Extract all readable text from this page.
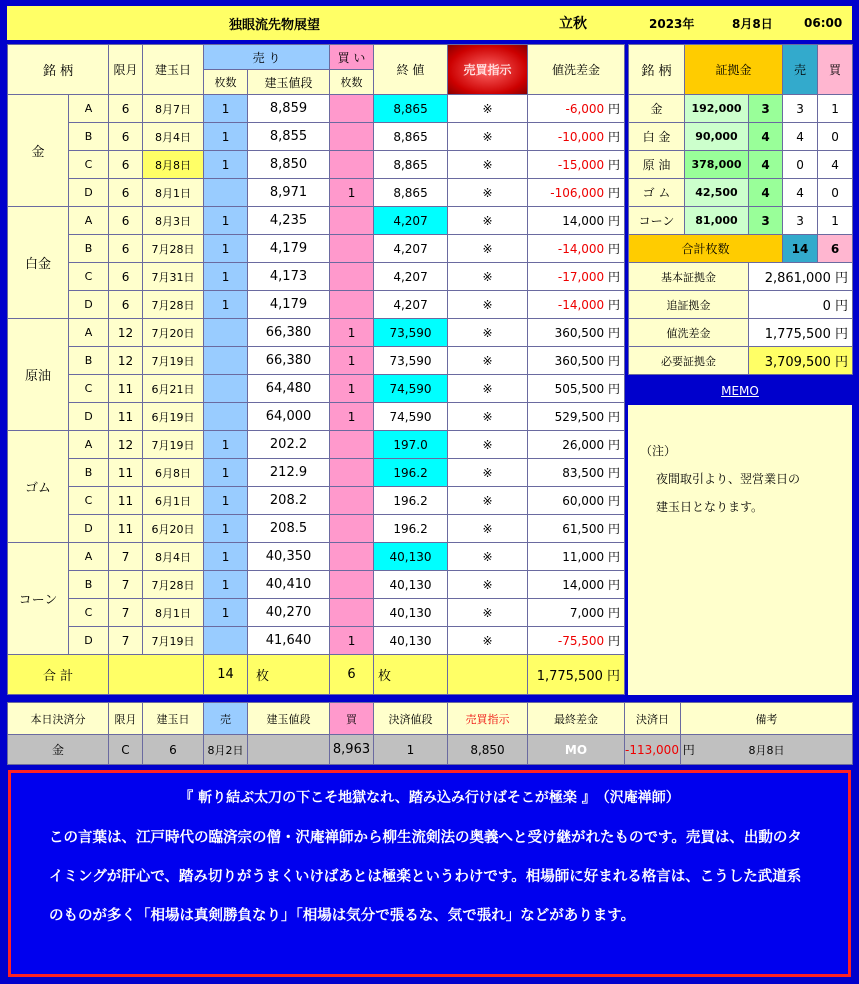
独眼流先物展望	立秋	2023年	8月8日	06:00
銘 柄		限月	建玉日	売 り		買 い	終 値	売買指示	値洗差金
				枚数	建玉値段	枚数			
金	A	6	8月7日	1	8,859		8,865	※	-6,000 円
	B	6	8月4日	1	8,855		8,865	※	-10,000 円
	C	6	8月8日	1	8,850		8,865	※	-15,000 円
	D	6	8月1日		8,971	1	8,865	※	-106,000 円
白金	A	6	8月3日	1	4,235		4,207	※	14,000 円
	B	6	7月28日	1	4,179		4,207	※	-14,000 円
	C	6	7月31日	1	4,173		4,207	※	-17,000 円
	D	6	7月28日	1	4,179		4,207	※	-14,000 円
原油	A	12	7月20日		66,380	1	73,590	※	360,500 円
	B	12	7月19日		66,380	1	73,590	※	360,500 円
	C	11	6月21日		64,480	1	74,590	※	505,500 円
	D	11	6月19日		64,000	1	74,590	※	529,500 円
ゴム	A	12	7月19日	1	202.2		197.0	※	26,000 円
	B	11	6月8日	1	212.9		196.2	※	83,500 円
	C	11	6月1日	1	208.2		196.2	※	60,000 円
	D	11	6月20日	1	208.5		196.2	※	61,500 円
コーン	A	7	8月4日	1	40,350		40,130	※	11,000 円
	B	7	7月28日	1	40,410		40,130	※	14,000 円
	C	7	8月1日	1	40,270		40,130	※	7,000 円
	D	7	7月19日		41,640	1	40,130	※	-75,500 円
合 計				14	枚	6	枚		1,775,500 円
銘 柄	証拠金		売	買
金	192,000	3	3	1
白 金	90,000	4	4	0
原 油	378,000	4	0	4
ゴ ム	42,500	4	4	0
コーン	81,000	3	3	1
合計枚数			14	6
基本証拠金		2,861,000 円		
追証拠金		0 円		
値洗差金		1,775,500 円		
必要証拠金		3,709,500 円		
MEMO
（注）
夜間取引より、翌営業日の
建玉日となります。
本日決済分	限月	建玉日	売	建玉値段	買	決済値段	売買指示	最終差金	決済日	備考	
金	C	6	8月2日		8,963	1	8,850	MO	-113,000 円	8月8日	
『 斬り結ぶ太刀の下こそ地獄なれ、踏み込み行けばそこが極楽 』　（沢庵禅師）
この言葉は、江戸時代の臨済宗の僧・沢庵禅師から柳生流剣法の奥義へと受け継がれたものです。売買は、出動のタイミングが肝心で、踏み切りがうまくいけばあとは極楽というわけです。相場師に好まれる格言は、こうした武道系のものが多く「相場は真剣勝負なり」「相場は気分で張るな、気で張れ」などがあります。
